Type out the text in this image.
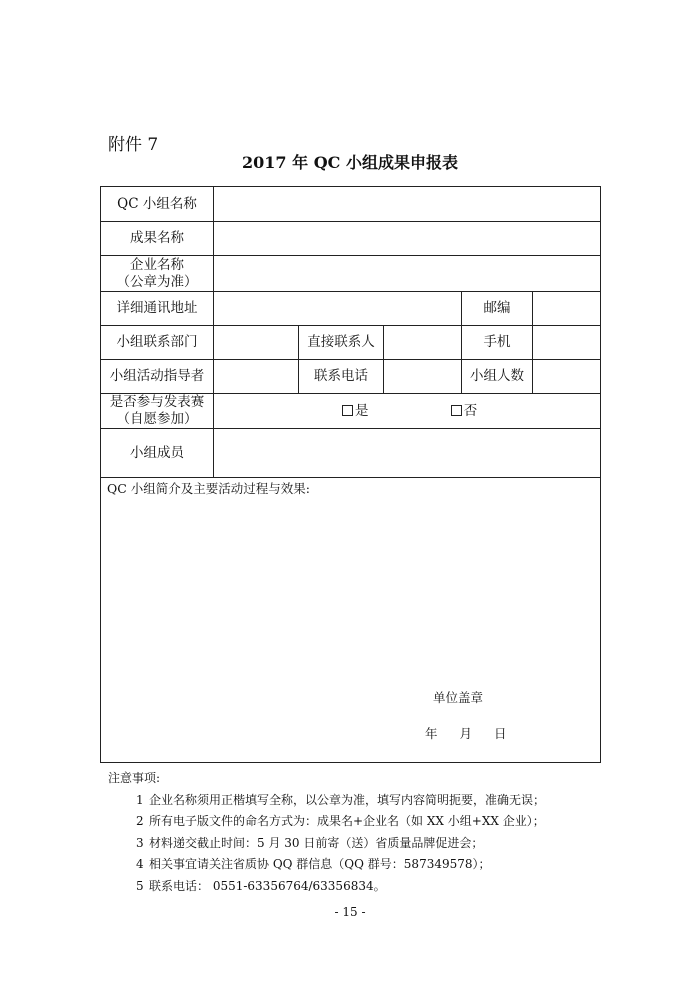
附件 7
2017 年 QC 小组成果申报表
QC 小组名称					
成果名称					

企业名称
（公章为准）					

详细通讯地址				邮编	
小组联系部门		直接联系人		手机	
小组活动指导者		联系电话		小组人数	

是否参与发表赛
（自愿参加）	是 否				
小组成员					

QC 小组简介及主要活动过程与效果:
单位盖章
年 月 日					
注意事项:
1 企业名称须用正楷填写全称，以公章为准，填写内容简明扼要，准确无误；
2 所有电子版文件的命名方式为：成果名+企业名（如 XX 小组+XX 企业）；
3 材料递交截止时间：5 月 30 日前寄（送）省质量品牌促进会；
4 相关事宜请关注省质协 QQ 群信息（QQ 群号：587349578）；
5 联系电话： 0551-63356764/63356834。
- 15 -
